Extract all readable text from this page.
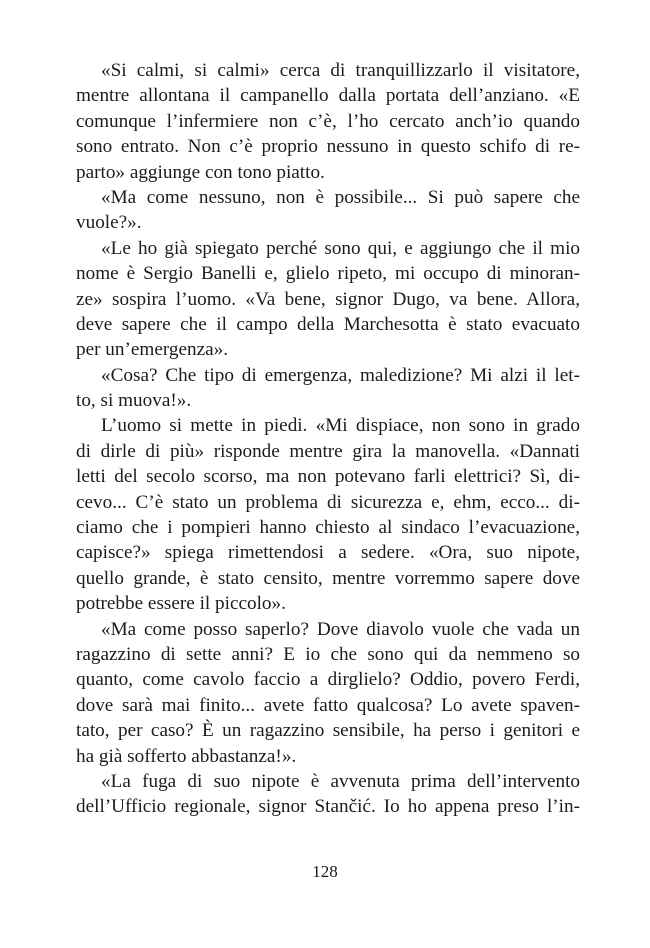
«Si calmi, si calmi» cerca di tranquillizzarlo il visitatore,
mentre allontana il campanello dalla portata dell’anziano. «E
comunque l’infermiere non c’è, l’ho cercato anch’io quando
sono entrato. Non c’è proprio nessuno in questo schifo di re-
parto» aggiunge con tono piatto.
«Ma come nessuno, non è possibile... Si può sapere che
vuole?».
«Le ho già spiegato perché sono qui, e aggiungo che il mio
nome è Sergio Banelli e, glielo ripeto, mi occupo di minoran-
ze» sospira l’uomo. «Va bene, signor Dugo, va bene. Allora,
deve sapere che il campo della Marchesotta è stato evacuato
per un’emergenza».
«Cosa? Che tipo di emergenza, maledizione? Mi alzi il let-
to, si muova!».
L’uomo si mette in piedi. «Mi dispiace, non sono in grado
di dirle di più» risponde mentre gira la manovella. «Dannati
letti del secolo scorso, ma non potevano farli elettrici? Sì, di-
cevo... C’è stato un problema di sicurezza e, ehm, ecco... di-
ciamo che i pompieri hanno chiesto al sindaco l’evacuazione,
capisce?» spiega rimettendosi a sedere. «Ora, suo nipote,
quello grande, è stato censito, mentre vorremmo sapere dove
potrebbe essere il piccolo».
«Ma come posso saperlo? Dove diavolo vuole che vada un
ragazzino di sette anni? E io che sono qui da nemmeno so
quanto, come cavolo faccio a dirglielo? Oddio, povero Ferdi,
dove sarà mai finito... avete fatto qualcosa? Lo avete spaven-
tato, per caso? È un ragazzino sensibile, ha perso i genitori e
ha già sofferto abbastanza!».
«La fuga di suo nipote è avvenuta prima dell’intervento
dell’Ufficio regionale, signor Stančić. Io ho appena preso l’in-
128
